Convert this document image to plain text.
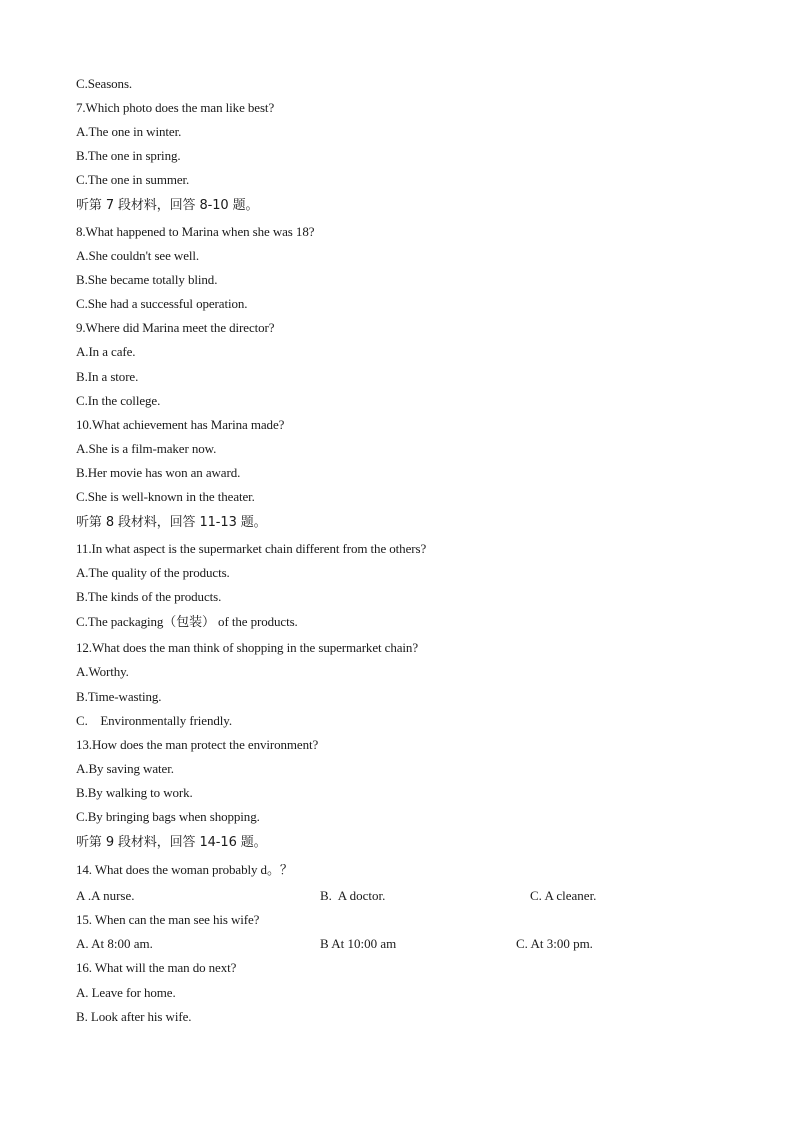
C.Seasons.
7.Which photo does the man like best?
A.The one in winter.
B.The one in spring.
C.The one in summer.
听第 7 段材料，回答 8-10 题。
8.What happened to Marina when she was 18?
A.She couldn't see well.
B.She became totally blind.
C.She had a successful operation.
9.Where did Marina meet the director?
A.In a cafe.
B.In a store.
C.In the college.
10.What achievement has Marina made?
A.She is a film-maker now.
B.Her movie has won an award.
C.She is well-known in the theater.
听第 8 段材料，回答 11-13 题。
11.In what aspect is the supermarket chain different from the others?
A.The quality of the products.
B.The kinds of the products.
C.The packaging（包装） of the products.
12.What does the man think of shopping in the supermarket chain?
A.Worthy.
B.Time-wasting.
C.    Environmentally friendly.
13.How does the man protect the environment?
A.By saving water.
B.By walking to work.
C.By bringing bags when shopping.
听第 9 段材料，回答 14-16 题。
14. What does the woman probably d。？
A .A nurse.	B.  A doctor.	C. A cleaner.
15. When can the man see his wife?
A. At 8:00 am.	B At 10:00 am	C. At 3:00 pm.
16. What will the man do next?
A. Leave for home.
B. Look after his wife.
